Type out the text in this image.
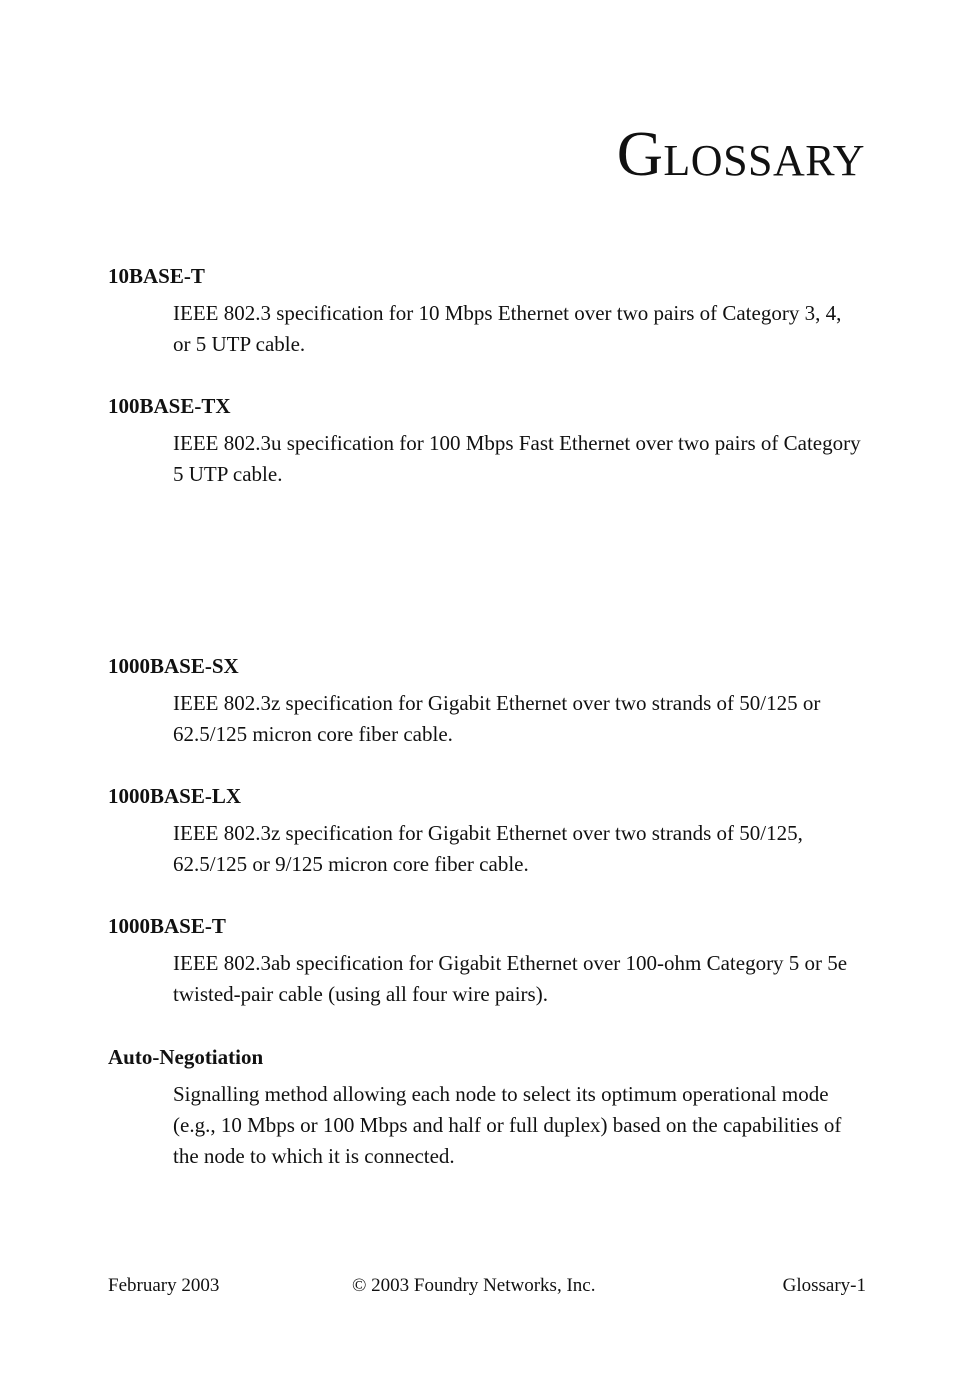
GLOSSARY

10BASE-T

IEEE 802.3 specification for 10 Mbps Ethernet over two pairs of Category 3, 4, or 5 UTP cable.

100BASE-TX

IEEE 802.3u specification for 100 Mbps Fast Ethernet over two pairs of Category 5 UTP cable.

1000BASE-SX

IEEE 802.3z specification for Gigabit Ethernet over two strands of 50/125 or 62.5/125 micron core fiber cable.

1000BASE-LX

IEEE 802.3z specification for Gigabit Ethernet over two strands of 50/125, 62.5/125 or 9/125 micron core fiber cable.

1000BASE-T

IEEE 802.3ab specification for Gigabit Ethernet over 100-ohm Category 5 or 5e twisted-pair cable (using all four wire pairs).

Auto-Negotiation

Signalling method allowing each node to select its optimum operational mode (e.g., 10 Mbps or 100 Mbps and half or full duplex) based on the capabilities of the node to which it is connected.

February 2003	© 2003 Foundry Networks, Inc.	Glossary-1
